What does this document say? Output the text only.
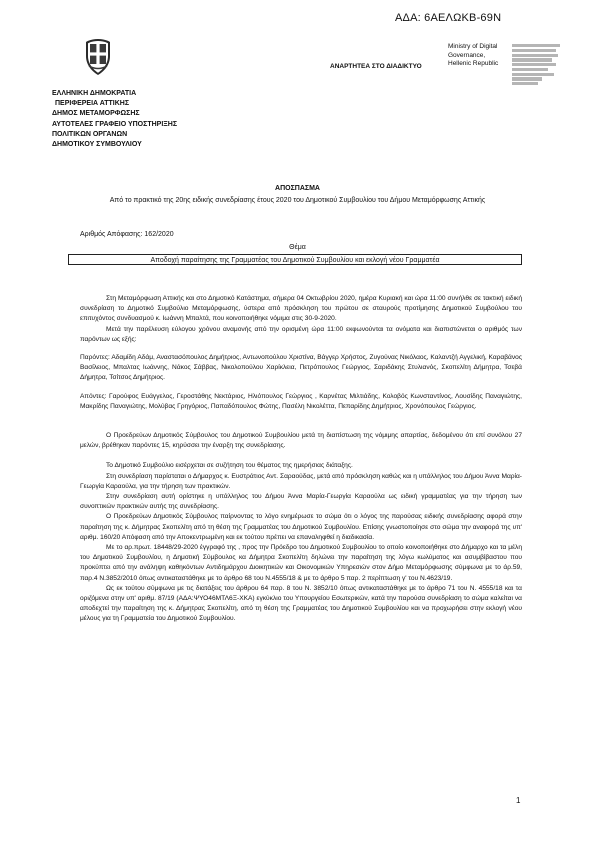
ΑΔΑ: 6ΑΕΛΩΚΒ-69Ν
ΑΝΑΡΤΗΤΕΑ ΣΤΟ ΔΙΑΔΙΚΤΥΟ
Ministry of Digital
Governance,
Hellenic Republic
ΕΛΛΗΝΙΚΗ ΔΗΜΟΚΡΑΤΙΑ
ΠΕΡΙΦΕΡΕΙΑ ΑΤΤΙΚΗΣ
ΔΗΜΟΣ ΜΕΤΑΜΟΡΦΩΣΗΣ
ΑΥΤΟΤΕΛΕΣ ΓΡΑΦΕΙΟ ΥΠΟΣΤΗΡΙΞΗΣ
ΠΟΛΙΤΙΚΩΝ ΟΡΓΑΝΩΝ
ΔΗΜΟΤΙΚΟΥ ΣΥΜΒΟΥΛΙΟΥ
ΑΠΟΣΠΑΣΜΑ
Από το πρακτικό της 20ης ειδικής συνεδρίασης έτους 2020 του Δημοτικού Συμβουλίου του Δήμου Μεταμόρφωσης Αττικής
Αριθμός Απόφασης: 162/2020
Θέμα
Αποδοχή παραίτησης της Γραμματέας του Δημοτικού Συμβουλίου και εκλογή νέου Γραμματέα

Στη Μεταμόρφωση Αττικής και στο Δημοτικό Κατάστημα, σήμερα 04 Οκτωβρίου 2020, ημέρα Κυριακή και ώρα 11:00 συνήλθε σε τακτική ειδική συνεδρίαση το Δημοτικό Συμβούλιο Μεταμόρφωσης, ύστερα από πρόσκληση του πρώτου σε σταυρούς προτίμησης Δημοτικού Συμβούλου του επιτυχόντος συνδυασμού κ. Ιωάννη Μπαλτά, που κοινοποιήθηκε νόμιμα στις 30-9-2020.

Μετά την παρέλευση εύλογου χρόνου αναμονής από την ορισμένη ώρα 11:00 εκφωνούνται τα ονόματα και διαπιστώνεται ο αριθμός των παρόντων ως εξής:

Παρόντες: Αδαμίδη Αδάμ, Αναστασόπουλος Δημήτριος, Αντωνοπούλου Χριστίνα, Βάγγερ Χρήστος, Ζυγούνας Νικόλαος, Καλαντζή Αγγελική, Καραβάνος Βασίλειος, Μπαλτας Ιωάννης, Νάκος Σάββας, Νικολοπούλου Χαρίκλεια, Πετρόπουλος Γεώργιος, Σαριδάκης Στυλιανός, Σκοπελίτη Δήμητρα, Τσεβά Δήμητρα, Τσίτσος Δημήτριος.

Απόντες: Γαρούφος Ευάγγελος, Γεροστάθης Νεκτάριος, Ηλιόπουλος Γεώργιος , Καρνέτας Μιλτιάδης, Κολοβός Κωνσταντίνος, Λουσίδης Παναγιώτης, Μακρίδης Παναγιώτης, Μολύβας Γρηγόριος, Παπαδόπουλος Φώτης, Πασέλη Νικολέττα, Πεπαρίδης Δημήτριος, Χρονόπουλος Γεώργιος.

Ο Προεδρεύων Δημοτικός Σύμβουλος του Δημοτικού Συμβουλίου μετά τη διαπίστωση της νόμιμης απαρτίας, δεδομένου ότι επί συνόλου 27 μελών, βρέθηκαν παρόντες 15, κηρύσσει την έναρξη της συνεδρίασης.

Το Δημοτικό Συμβούλιο εισέρχεται σε συζήτηση του θέματος της ημερήσιας διάταξης.

Στη συνεδρίαση παρίσταται ο Δήμαρχος κ. Ευστράτιος Αντ. Σαραούδας, μετά από πρόσκληση καθώς και η υπάλληλος του Δήμου Άννα Μαρία-Γεωργία Καραούλα, για την τήρηση των πρακτικών.

Στην συνεδρίαση αυτή ορίστηκε η υπάλληλος του Δήμου Άννα Μαρία-Γεωργία Καραούλα ως ειδική γραμματέας για την τήρηση των συνοπτικών πρακτικών αυτής της συνεδρίασης.

Ο Προεδρεύων Δημοτικός Σύμβουλος παίρνοντας το λόγο ενημέρωσε το σώμα ότι ο λόγος της παρούσας ειδικής συνεδρίασης αφορά στην παραίτηση της κ. Δήμητρας Σκοπελίτη από τη θέση της Γραμματέας του Δημοτικού Συμβουλίου. Επίσης γνωστοποίησε στο σώμα την αναφορά της υπ' αριθμ. 160/20 Απόφαση από την Αποκεντρωμένη και εκ τούτου πρέπει να επαναληφθεί η διαδικασία.

Με το αρ.πρωτ. 18448/29-2020 έγγραφό της , προς την Πρόεδρο του Δημοτικού Συμβουλίου το οποίο κοινοποιήθηκε στο Δήμαρχο και τα μέλη του Δημοτικού Συμβουλίου, η Δημοτική Σύμβουλος κα Δήμητρα Σκοπελίτη δηλώνει την παραίτηση της λόγω κωλύματος και ασυμβίβαστου που προκύπτει από την ανάληψη καθηκόντων Αντιδημάρχου Διοικητικών και Οικονομικών Υπηρεσιών στον Δήμο Μεταμόρφωσης σύμφωνα με το άρ.59, παρ.4 Ν.3852/2010 όπως αντικαταστάθηκε με το άρθρο 68 του Ν.4555/18 & με το άρθρο 5 παρ. 2 περίπτωση γ' του Ν.4623/19.

Ως εκ τούτου σύμφωνα με τις διατάξεις του άρθρου 64 παρ. 8 του Ν. 3852/10 όπως αντικαταστάθηκε με το άρθρο 71 του Ν. 4555/18 και τα οριζόμενα στην υπ' αριθμ. 87/19 (ΑΔΑ:ΨΥΟ46ΜΤΛ6Ξ-ΧΚΑ) εγκύκλιο του Υπουργείου Εσωτερικών, κατά την παρούσα συνεδρίαση το σώμα καλείται να αποδεχτεί την παραίτηση της κ. Δήμητρας Σκοπελίτη, από τη θέση της Γραμματέας του Δημοτικού Συμβουλίου και να προχωρήσει στην εκλογή νέου μέλους για τη Γραμματεία του Δημοτικού Συμβουλίου.

1
